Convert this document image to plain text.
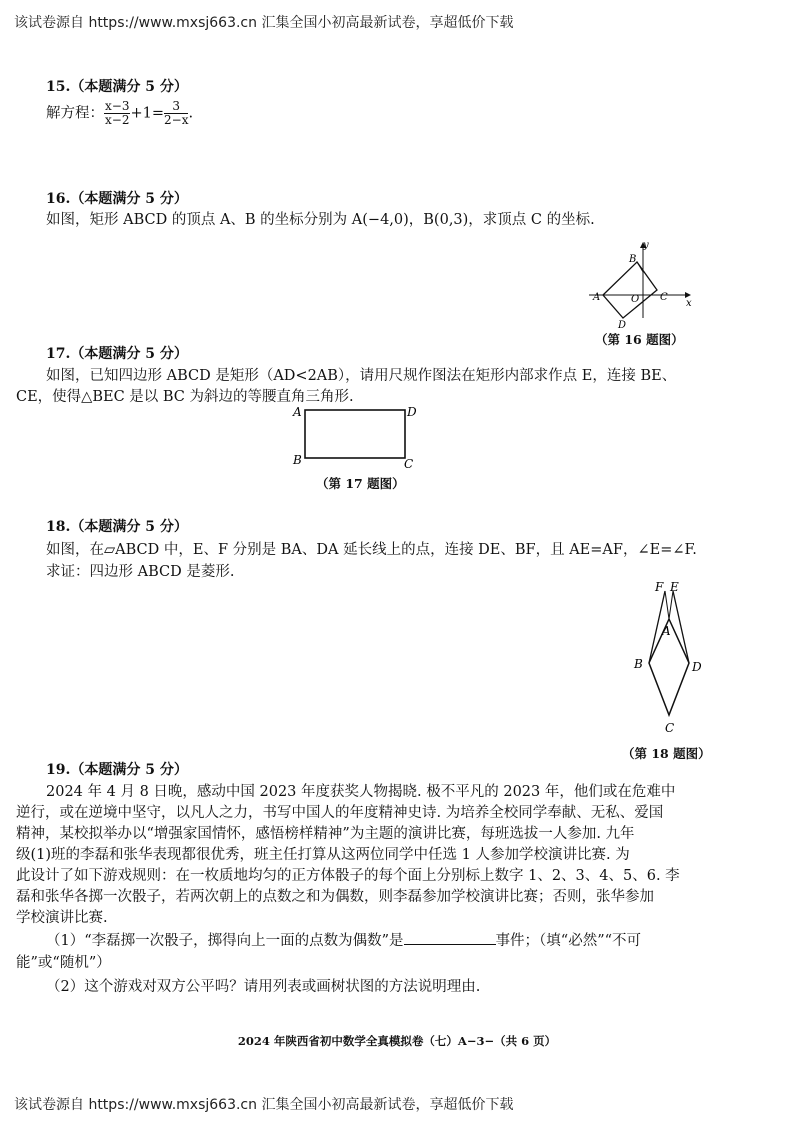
该试卷源自 https://www.mxsj663.cn 汇集全国小初高最新试卷，享超低价下载
15.（本题满分 5 分）
解方程： $\frac{x-3}{x-2} +1= \frac{3}{2-x}$ .
16.（本题满分 5 分）
如图，矩形 ABCD 的顶点 A、B 的坐标分别为 A(−4,0)，B(0,3)，求顶点 C 的坐标.
y
x
A
B
O C
D
（第 16 题图）
17.（本题满分 5 分）
如图，已知四边形 ABCD 是矩形（AD<2AB），请用尺规作图法在矩形内部求作点 E，连接 BE、
CE，使得△BEC 是以 BC 为斜边的等腰直角三角形.
A
B	C
D
（第 17 题图）
18.（本题满分 5 分）
如图，在▱ABCD 中，E、F 分别是 BA、DA 延长线上的点，连接 DE、BF，且 AE=AF，∠E=∠F.
求证：四边形 ABCD 是菱形.
F E
A
B	D
C
（第 18 题图）
19.（本题满分 5 分）
2024 年 4 月 8 日晚，感动中国 2023 年度获奖人物揭晓. 极不平凡的 2023 年，他们或在危难中
逆行，或在逆境中坚守，以凡人之力，书写中国人的年度精神史诗. 为培养全校同学奉献、无私、爱国
精神，某校拟举办以“增强家国情怀，感悟榜样精神”为主题的演讲比赛，每班选拔一人参加. 九年
级(1)班的李磊和张华表现都很优秀，班主任打算从这两位同学中任选 1 人参加学校演讲比赛. 为
此设计了如下游戏规则：在一枚质地均匀的正方体骰子的每个面上分别标上数字 1、2、3、4、5、6. 李
磊和张华各掷一次骰子，若两次朝上的点数之和为偶数，则李磊参加学校演讲比赛；否则，张华参加
学校演讲比赛.
（1）“李磊掷一次骰子，掷得向上一面的点数为偶数”是	事件；（填“必然”“不可
能”或“随机”）
（2）这个游戏对双方公平吗？请用列表或画树状图的方法说明理由.
2024 年陕西省初中数学全真模拟卷（七）A−3−（共 6 页）
该试卷源自 https://www.mxsj663.cn 汇集全国小初高最新试卷，享超低价下载
